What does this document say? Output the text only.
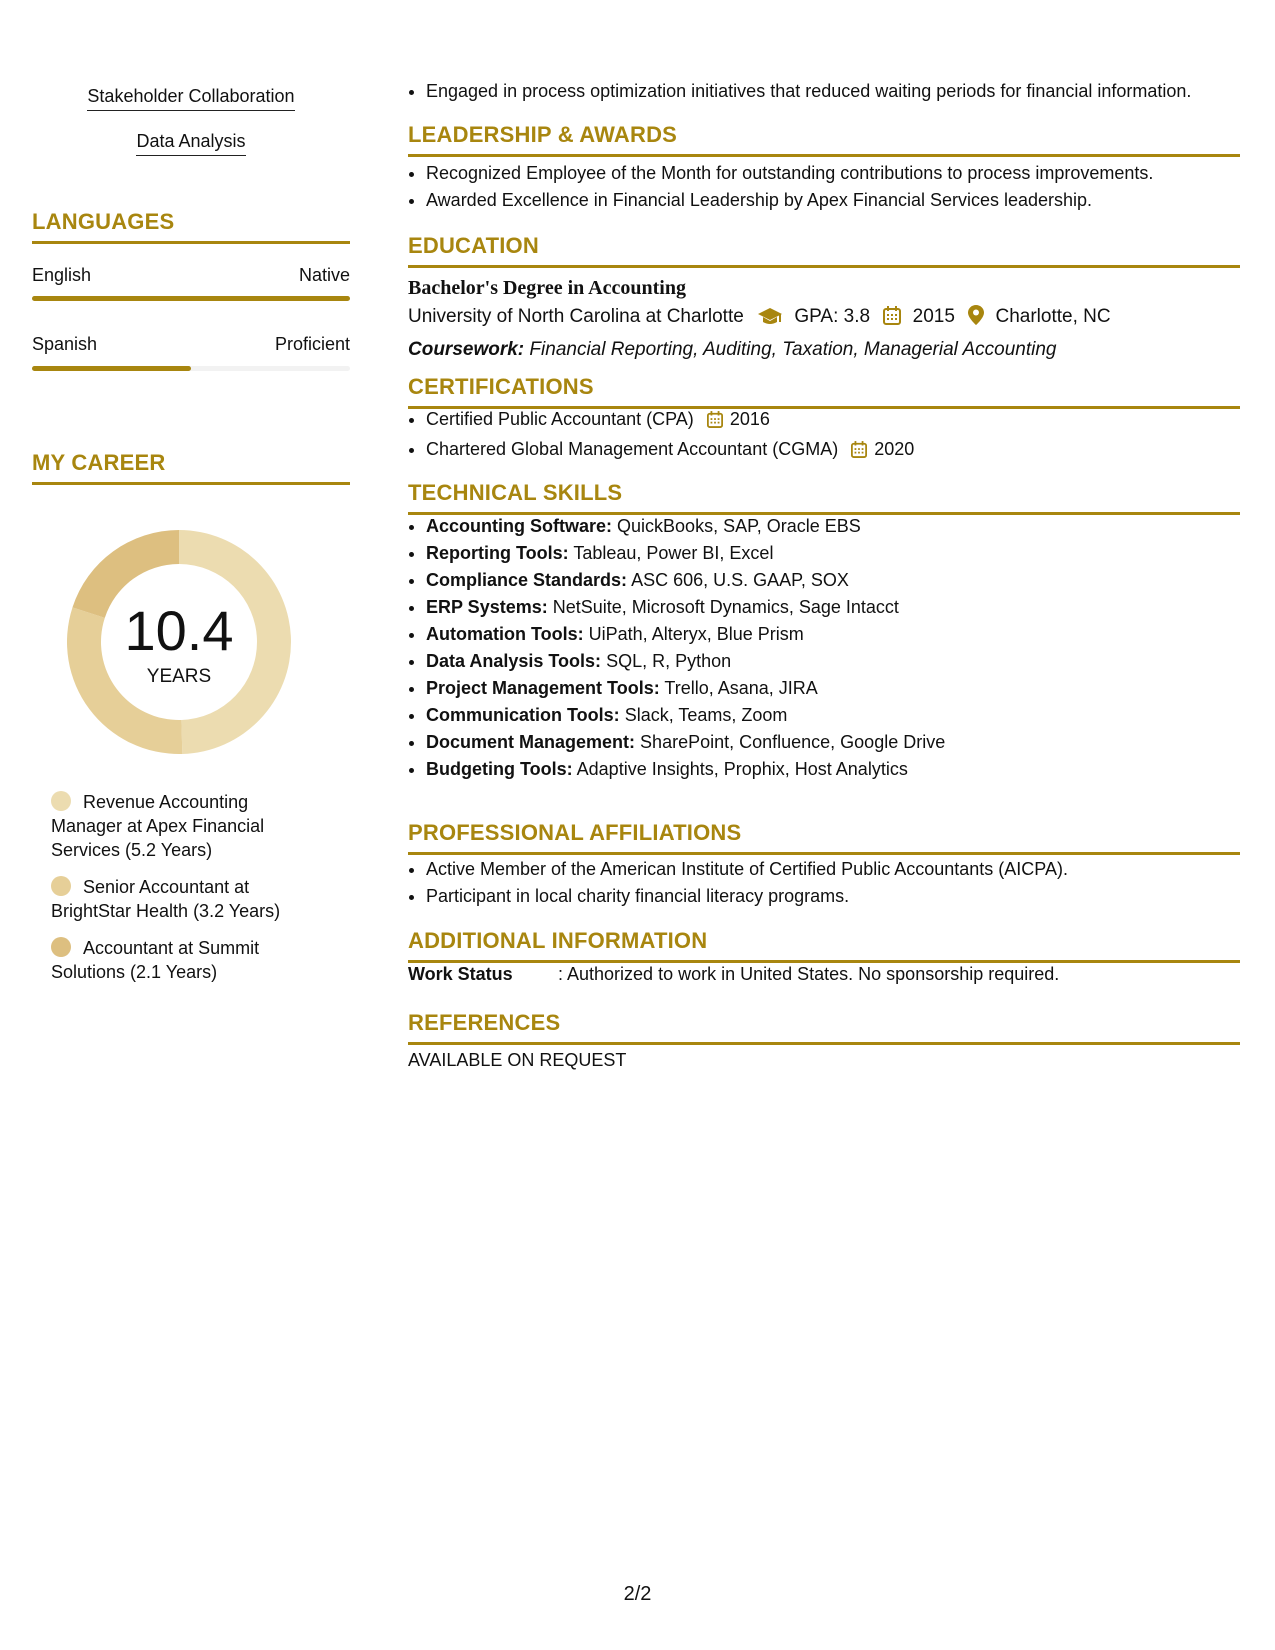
Stakeholder Collaboration
Data Analysis
LANGUAGES
English	Native
Spanish	Proficient
MY CAREER
10.4
YEARS
Revenue Accounting Manager at Apex Financial Services (5.2 Years)
Senior Accountant at BrightStar Health (3.2 Years)
Accountant at Summit Solutions (2.1 Years)
• Engaged in process optimization initiatives that reduced waiting periods for financial information.
LEADERSHIP & AWARDS
• Recognized Employee of the Month for outstanding contributions to process improvements.
• Awarded Excellence in Financial Leadership by Apex Financial Services leadership.
EDUCATION
Bachelor's Degree in Accounting
University of North Carolina at Charlotte	GPA: 3.8 2015 Charlotte, NC
Coursework: Financial Reporting, Auditing, Taxation, Managerial Accounting
CERTIFICATIONS
• Certified Public Accountant (CPA) 2016
• Chartered Global Management Accountant (CGMA) 2020
TECHNICAL SKILLS
• Accounting Software: QuickBooks, SAP, Oracle EBS
• Reporting Tools: Tableau, Power BI, Excel
• Compliance Standards: ASC 606, U.S. GAAP, SOX
• ERP Systems: NetSuite, Microsoft Dynamics, Sage Intacct
• Automation Tools: UiPath, Alteryx, Blue Prism
• Data Analysis Tools: SQL, R, Python
• Project Management Tools: Trello, Asana, JIRA
• Communication Tools: Slack, Teams, Zoom
• Document Management: SharePoint, Confluence, Google Drive
• Budgeting Tools: Adaptive Insights, Prophix, Host Analytics
PROFESSIONAL AFFILIATIONS
• Active Member of the American Institute of Certified Public Accountants (AICPA).
• Participant in local charity financial literacy programs.
ADDITIONAL INFORMATION
Work Status	: Authorized to work in United States. No sponsorship required.
REFERENCES
AVAILABLE ON REQUEST
2/2
